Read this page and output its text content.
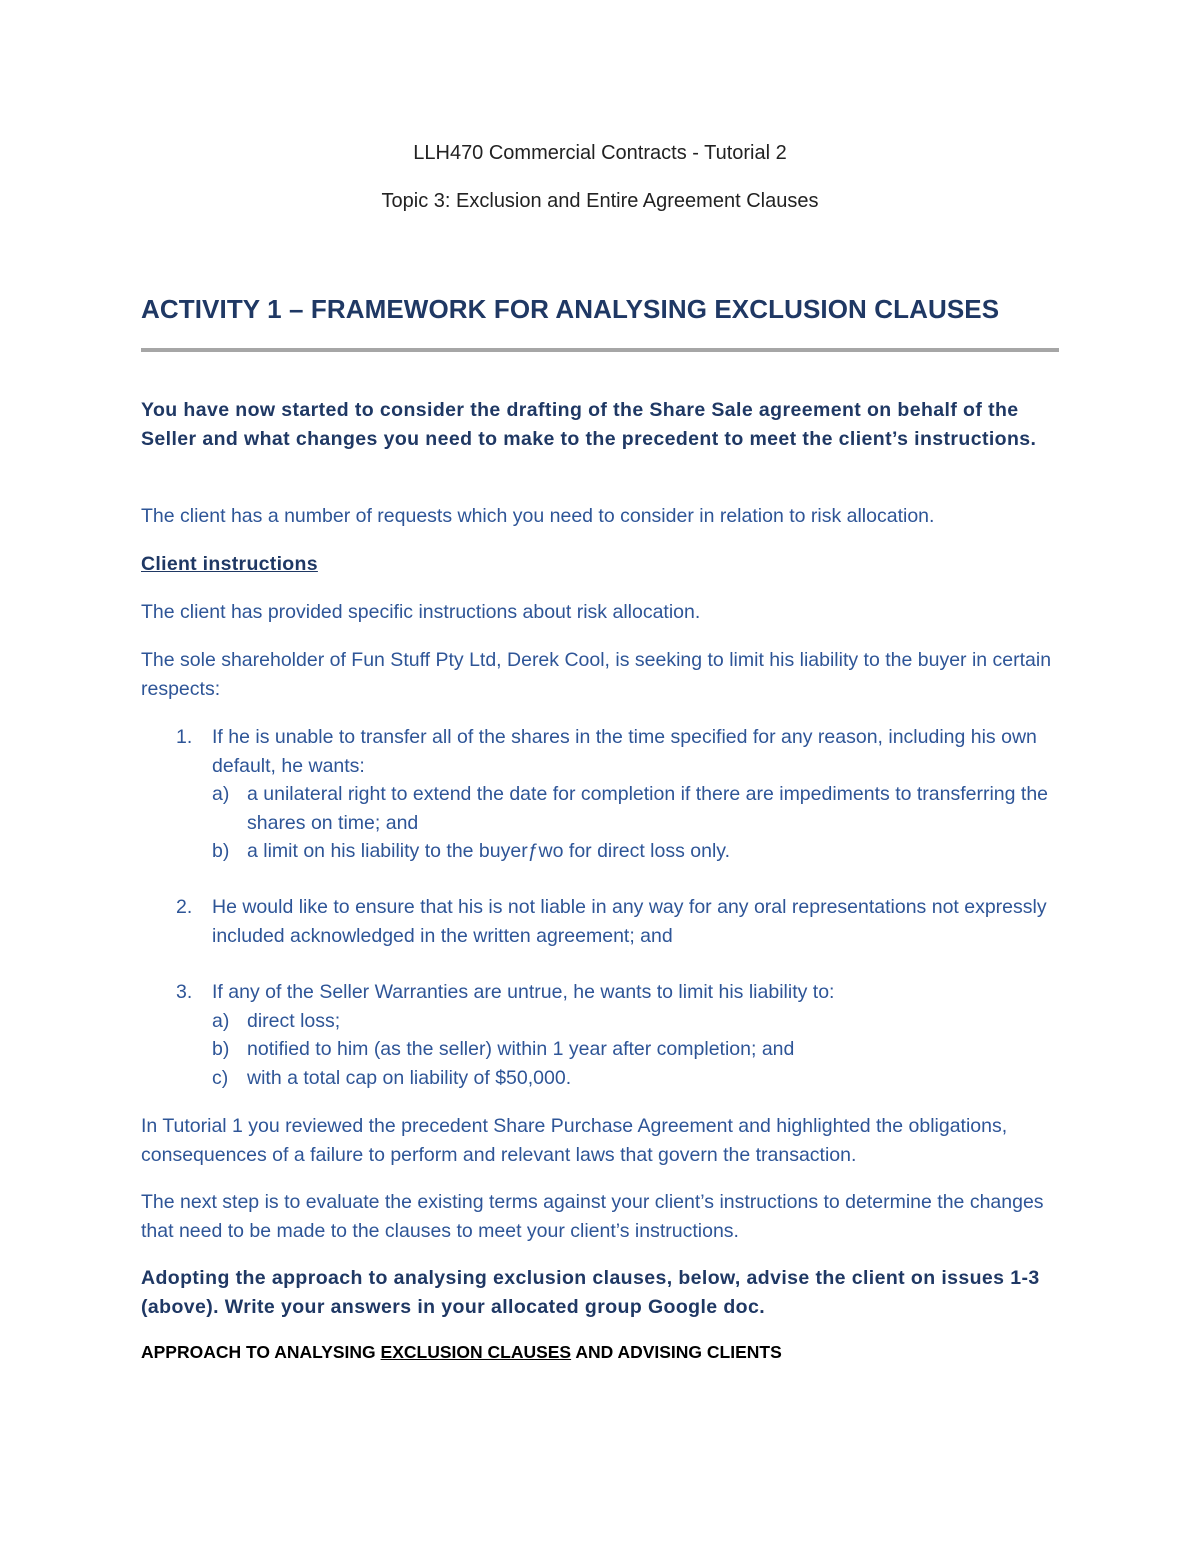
LLH470 Commercial Contracts - Tutorial 2
Topic 3: Exclusion and Entire Agreement Clauses
ACTIVITY 1 – FRAMEWORK FOR ANALYSING EXCLUSION CLAUSES
You have now started to consider the drafting of the Share Sale agreement on behalf of the Seller and what changes you need to make to the precedent to meet the client’s instructions.
The client has a number of requests which you need to consider in relation to risk allocation.
Client instructions
The client has provided specific instructions about risk allocation.
The sole shareholder of Fun Stuff Pty Ltd, Derek Cool, is seeking to limit his liability to the buyer in certain respects:
1.	If he is unable to transfer all of the shares in the time specified for any reason, including his own default, he wants:
a) a unilateral right to extend the date for completion if there are impediments to transferring the shares on time; and
b) a limit on his liability to the buyerƒwo for direct loss only.
2.	He would like to ensure that his is not liable in any way for any oral representations not expressly included acknowledged in the written agreement; and
3.	If any of the Seller Warranties are untrue, he wants to limit his liability to:
a) direct loss;
b) notified to him (as the seller) within 1 year after completion; and
c) with a total cap on liability of $50,000.
In Tutorial 1 you reviewed the precedent Share Purchase Agreement and highlighted the obligations, consequences of a failure to perform and relevant laws that govern the transaction.
The next step is to evaluate the existing terms against your client’s instructions to determine the changes that need to be made to the clauses to meet your client’s instructions.
Adopting the approach to analysing exclusion clauses, below, advise the client on issues 1-3 (above). Write your answers in your allocated group Google doc.
APPROACH TO ANALYSING EXCLUSION CLAUSES AND ADVISING CLIENTS
